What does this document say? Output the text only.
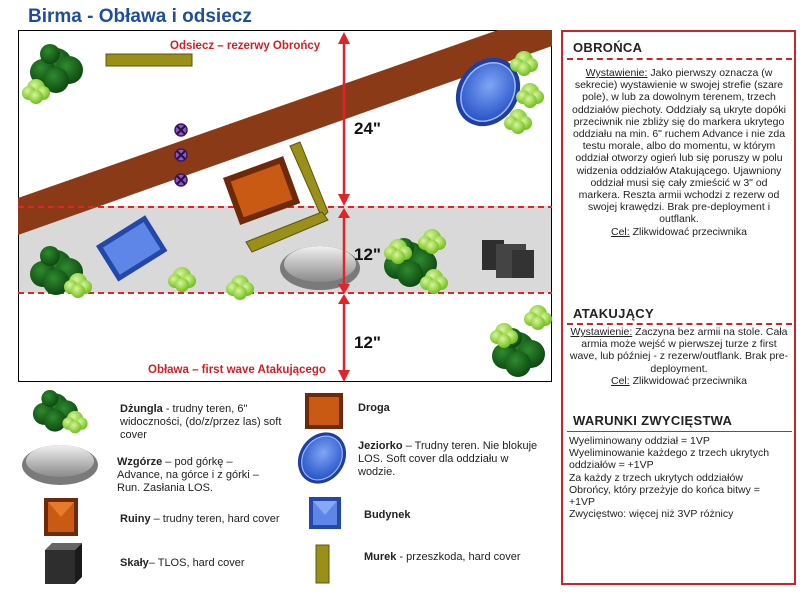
Birma - Obława i odsiecz
24"
12"
12"
Odsiecz – rezerwy Obrońcy
Obława – first wave Atakującego
Dżungla - trudny teren, 6" widoczności, (do/z/przez las) soft cover
Wzgórze – pod górkę – Advance, na górce i z górki – Run. Zasłania LOS.
Ruiny – trudny teren, hard cover
Skały– TLOS, hard cover
Droga
Jeziorko – Trudny teren. Nie blokuje LOS. Soft cover dla oddziału w wodzie.
Budynek
Murek - przeszkoda, hard cover
OBROŃCA
Wystawienie: Jako pierwszy oznacza (w sekrecie) wystawienie w swojej strefie (szare pole), w lub za dowolnym terenem, trzech oddziałów piechoty. Oddziały są ukryte dopóki przeciwnik nie zbliży się do markera ukrytego oddziału na min. 6" ruchem Advance i nie zda testu morale, albo do momentu, w którym oddział otworzy ogień lub się poruszy w polu widzenia oddziałów Atakującego. Ujawniony oddział musi się cały zmieścić w 3" od markera. Reszta armii wchodzi z rezerw od swojej krawędzi. Brak pre-deployment i outflank.
Cel: Zlikwidować przeciwnika
ATAKUJĄCY
Wystawienie: Zaczyna bez armii na stole. Cała armia może wejść w pierwszej turze z first wave, lub później - z rezerw/outflank. Brak pre-deployment.
Cel: Zlikwidować przeciwnika
WARUNKI ZWYCIĘSTWA
Wyeliminowany oddział = 1VP
Wyeliminowanie każdego z trzech ukrytych oddziałów = +1VP
Za każdy z trzech ukrytych oddziałów Obrońcy, który przeżyje do końca bitwy = +1VP
Zwycięstwo: więcej niż 3VP różnicy
